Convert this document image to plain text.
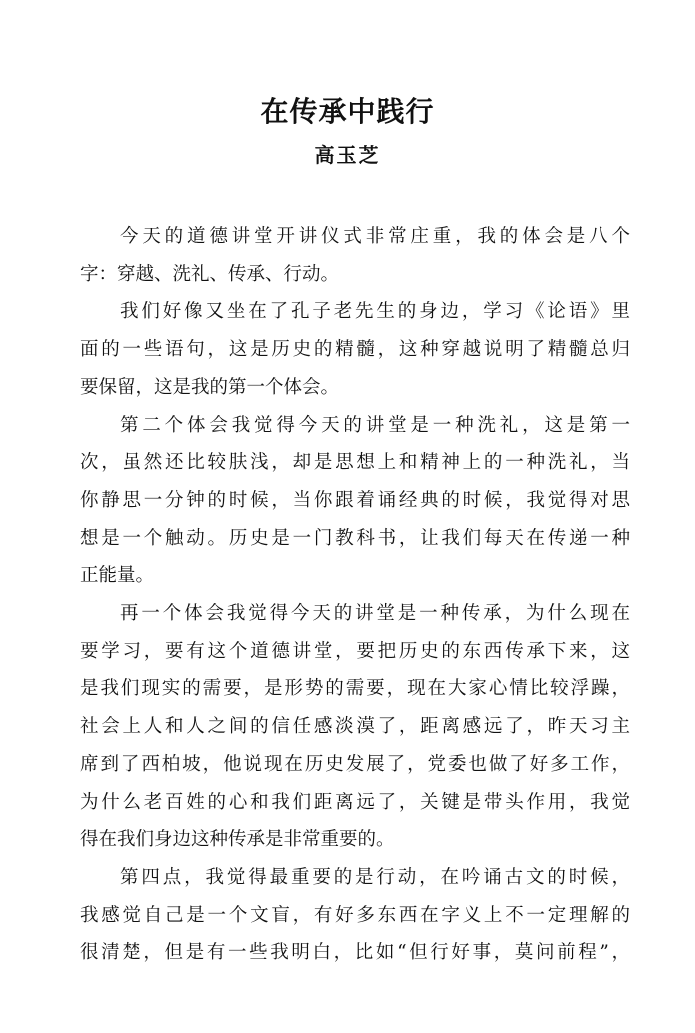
在传承中践行
高玉芝
今天的道德讲堂开讲仪式非常庄重，我的体会是八个
字：穿越、洗礼、传承、行动。
我们好像又坐在了孔子老先生的身边，学习《论语》里
面的一些语句，这是历史的精髓，这种穿越说明了精髓总归
要保留，这是我的第一个体会。
第二个体会我觉得今天的讲堂是一种洗礼，这是第一
次，虽然还比较肤浅，却是思想上和精神上的一种洗礼，当
你静思一分钟的时候，当你跟着诵经典的时候，我觉得对思
想是一个触动。历史是一门教科书，让我们每天在传递一种
正能量。
再一个体会我觉得今天的讲堂是一种传承，为什么现在
要学习，要有这个道德讲堂，要把历史的东西传承下来，这
是我们现实的需要，是形势的需要，现在大家心情比较浮躁，
社会上人和人之间的信任感淡漠了，距离感远了，昨天习主
席到了西柏坡，他说现在历史发展了，党委也做了好多工作，
为什么老百姓的心和我们距离远了，关键是带头作用，我觉
得在我们身边这种传承是非常重要的。
第四点，我觉得最重要的是行动，在吟诵古文的时候，
我感觉自己是一个文盲，有好多东西在字义上不一定理解的
很清楚，但是有一些我明白，比如“但行好事，莫问前程”，
